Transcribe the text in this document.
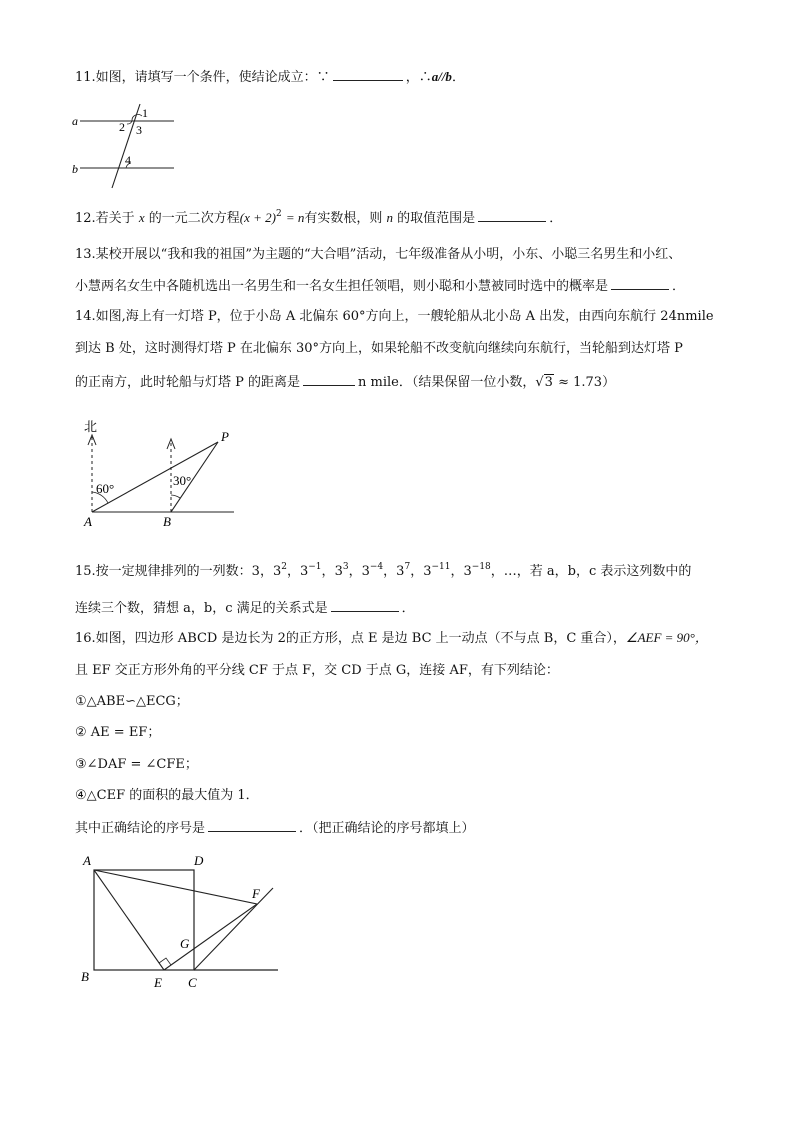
11.如图，请填写一个条件，使结论成立：∵	，∴a//b．
a
b
1
2 3
4
12.若关于 x 的一元二次方程$(x + 2)^2 = n$有实数根，则 n 的取值范围是	．
13.某校开展以“我和我的祖国”为主题的“大合唱”活动，七年级准备从小明，小东、小聪三名男生和小红、
小慧两名女生中各随机选出一名男生和一名女生担任领唱，则小聪和小慧被同时选中的概率是	．
14.如图,海上有一灯塔 P，位于小岛 A 北偏东 60°方向上，一艘轮船从北小岛 A 出发，由西向东航行 24nmile
到达 B 处，这时测得灯塔 P 在北偏东 30°方向上，如果轮船不改变航向继续向东航行，当轮船到达灯塔 P
的正南方，此时轮船与灯塔 P 的距离是	n mile．（结果保留一位小数，√3 ≈ 1.73）
北
P
A	B
60°
30°
15.按一定规律排列的一列数：3，$3^2$，$3^{-1}$，$3^3$，$3^{-4}$，$3^7$，$3^{-11}$，$3^{-18}$，…，若 a，b，c 表示这列数中的
连续三个数，猜想 a，b，c 满足的关系式是	．
16.如图，四边形 ABCD 是边长为 2的正方形，点 E 是边 BC 上一动点（不与点 B，C 重合），∠AEF = 90°，
且 EF 交正方形外角的平分线 CF 于点 F，交 CD 于点 G，连接 AF，有下列结论：
①△ABE∽△ECG；
② AE = EF；
③∠DAF = ∠CFE；
④△CEF 的面积的最大值为 1．
其中正确结论的序号是	．（把正确结论的序号都填上）
A	D
B	E C
F
G
